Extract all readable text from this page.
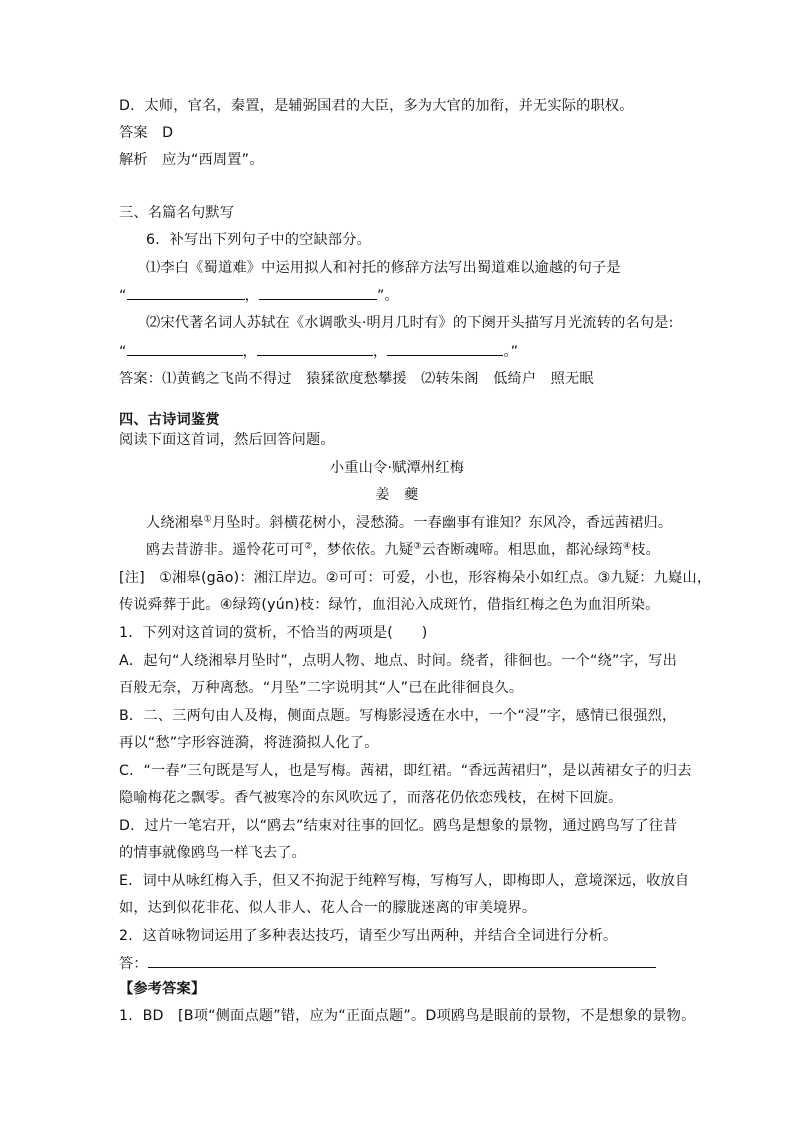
D．太师，官名，秦置，是辅弼国君的大臣，多为大官的加衔，并无实际的职权。
答案　D
解析　应为“西周置”。
三、名篇名句默写
6．补写出下列句子中的空缺部分。
⑴李白《蜀道难》中运用拟人和衬托的修辞方法写出蜀道难以逾越的句子是
“	，	”。
⑵宋代著名词人苏轼在《水调歌头·明月几时有》的下阕开头描写月光流转的名句是:
“	，	，	。”
答案：⑴黄鹤之飞尚不得过　猿猱欲度愁攀援　⑵转朱阁　低绮户　照无眠
四、古诗词鉴赏
阅读下面这首词，然后回答问题。
小重山令·赋潭州红梅
姜　夔
人绕湘皋①月坠时。斜横花树小，浸愁漪。一春幽事有谁知？东风冷，香远茜裙归。
鸥去昔游非。遥怜花可可②，梦依依。九疑③云杳断魂啼。相思血，都沁绿筠④枝。
[注]　①湘皋(gāo)：湘江岸边。②可可：可爱，小也，形容梅朵小如红点。③九疑：九嶷山，
传说舜葬于此。④绿筠(yún)枝：绿竹，血泪沁入成斑竹，借指红梅之色为血泪所染。
1．下列对这首词的赏析，不恰当的两项是(　　)
A．起句“人绕湘皋月坠时”，点明人物、地点、时间。绕者，徘徊也。一个“绕”字，写出
百般无奈，万种离愁。“月坠”二字说明其“人”已在此徘徊良久。
B．二、三两句由人及梅，侧面点题。写梅影浸透在水中，一个“浸”字，感情已很强烈，
再以“愁”字形容涟漪，将涟漪拟人化了。
C．“一春”三句既是写人，也是写梅。茜裙，即红裙。“香远茜裙归”，是以茜裙女子的归去
隐喻梅花之飘零。香气被寒冷的东风吹远了，而落花仍依恋残枝，在树下回旋。
D．过片一笔宕开，以“鸥去”结束对往事的回忆。鸥鸟是想象的景物，通过鸥鸟写了往昔
的情事就像鸥鸟一样飞去了。
E．词中从咏红梅入手，但又不拘泥于纯粹写梅，写梅写人，即梅即人，意境深远，收放自
如，达到似花非花、似人非人、花人合一的朦胧迷离的审美境界。
2．这首咏物词运用了多种表达技巧，请至少写出两种，并结合全词进行分析。
答：
【参考答案】
1．BD　[B项“侧面点题”错，应为“正面点题”。D项鸥鸟是眼前的景物，不是想象的景物。
